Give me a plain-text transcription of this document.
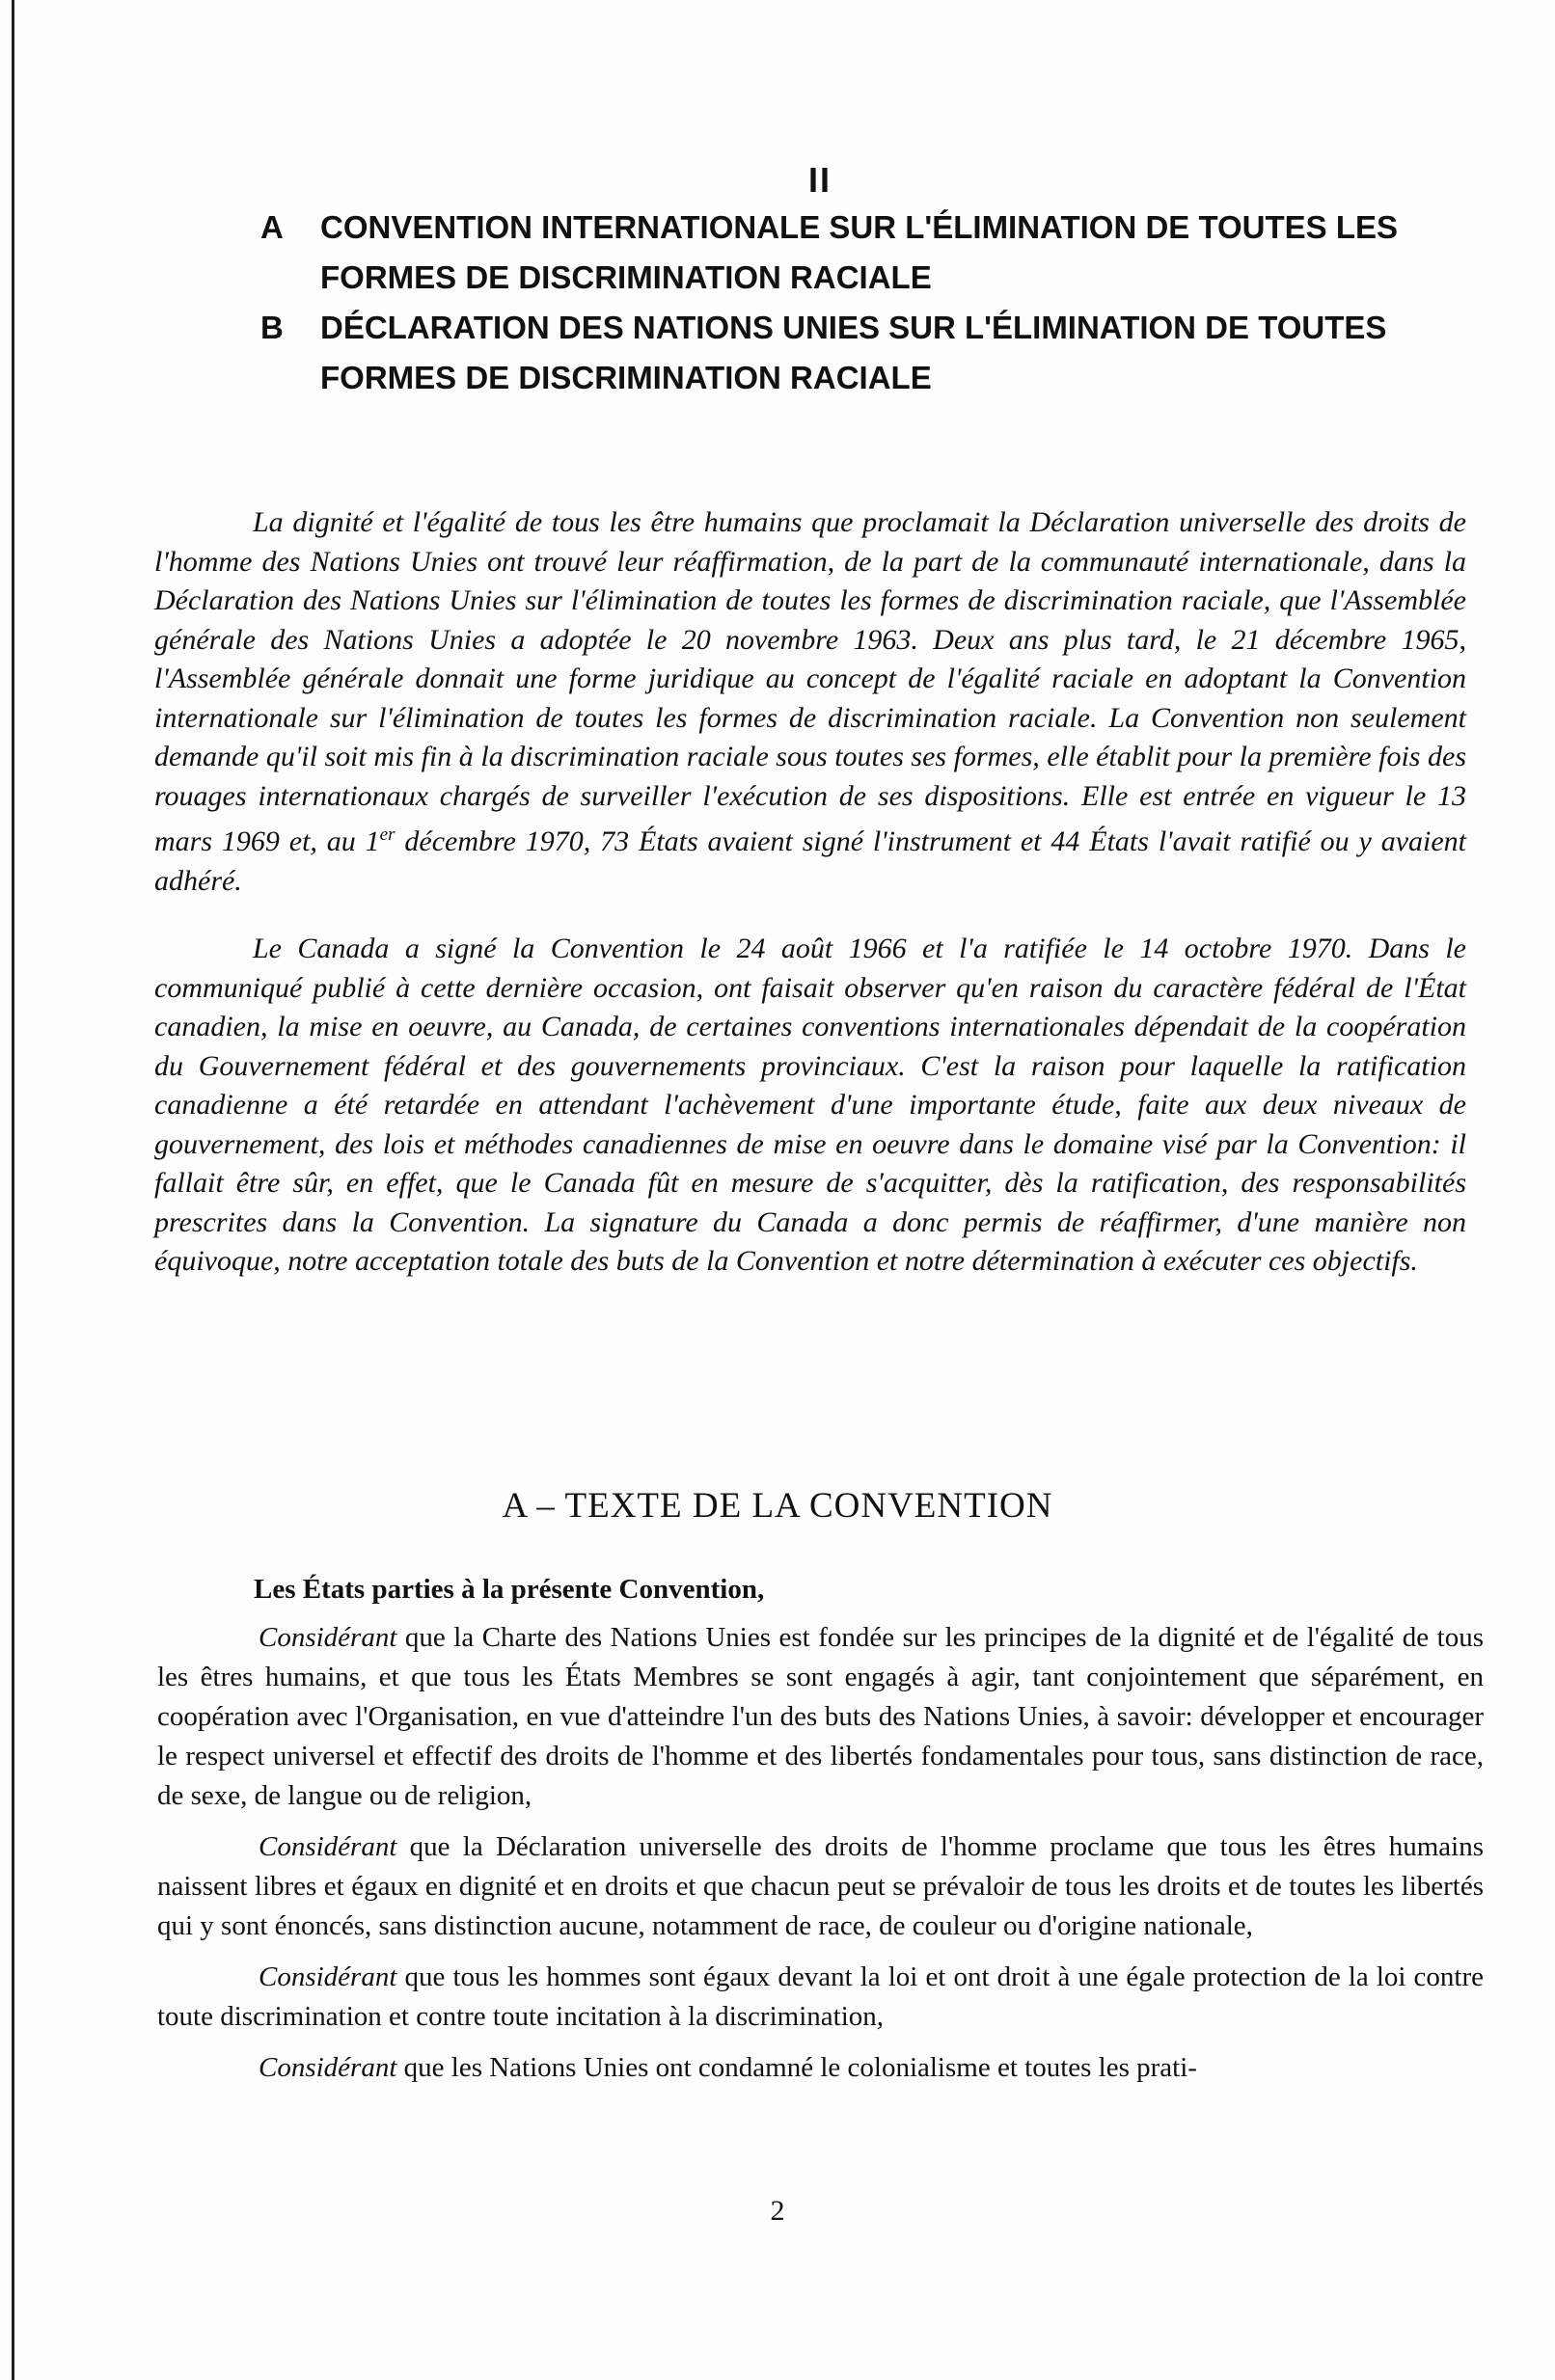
II
A CONVENTION INTERNATIONALE SUR L'ÉLIMINATION DE TOUTES LES FORMES DE DISCRIMINATION RACIALE
B DÉCLARATION DES NATIONS UNIES SUR L'ÉLIMINATION DE TOUTES FORMES DE DISCRIMINATION RACIALE

La dignité et l'égalité de tous les être humains que proclamait la Déclaration universelle des droits de l'homme des Nations Unies ont trouvé leur réaffirmation, de la part de la communauté internationale, dans la Déclaration des Nations Unies sur l'élimination de toutes les formes de discrimination raciale, que l'Assemblée générale des Nations Unies a adoptée le 20 novembre 1963. Deux ans plus tard, le 21 décembre 1965, l'Assemblée générale donnait une forme juridique au concept de l'égalité raciale en adoptant la Convention internationale sur l'élimination de toutes les formes de discrimination raciale. La Convention non seulement demande qu'il soit mis fin à la discrimination raciale sous toutes ses formes, elle établit pour la première fois des rouages internationaux chargés de surveiller l'exécution de ses dispositions. Elle est entrée en vigueur le 13 mars 1969 et, au 1er décembre 1970, 73 États avaient signé l'instrument et 44 États l'avait ratifié ou y avaient adhéré.

Le Canada a signé la Convention le 24 août 1966 et l'a ratifiée le 14 octobre 1970. Dans le communiqué publié à cette dernière occasion, ont faisait observer qu'en raison du caractère fédéral de l'État canadien, la mise en oeuvre, au Canada, de certaines conventions internationales dépendait de la coopération du Gouvernement fédéral et des gouvernements provinciaux. C'est la raison pour laquelle la ratification canadienne a été retardée en attendant l'achèvement d'une importante étude, faite aux deux niveaux de gouvernement, des lois et méthodes canadiennes de mise en oeuvre dans le domaine visé par la Convention: il fallait être sûr, en effet, que le Canada fût en mesure de s'acquitter, dès la ratification, des responsabilités prescrites dans la Convention. La signature du Canada a donc permis de réaffirmer, d'une manière non équivoque, notre acceptation totale des buts de la Convention et notre détermination à exécuter ces objectifs.

A – TEXTE DE LA CONVENTION
Les États parties à la présente Convention,

Considérant que la Charte des Nations Unies est fondée sur les principes de la dignité et de l'égalité de tous les êtres humains, et que tous les États Membres se sont engagés à agir, tant conjointement que séparément, en coopération avec l'Organisation, en vue d'atteindre l'un des buts des Nations Unies, à savoir: développer et encourager le respect universel et effectif des droits de l'homme et des libertés fondamentales pour tous, sans distinction de race, de sexe, de langue ou de religion,

Considérant que la Déclaration universelle des droits de l'homme proclame que tous les êtres humains naissent libres et égaux en dignité et en droits et que chacun peut se prévaloir de tous les droits et de toutes les libertés qui y sont énoncés, sans distinction aucune, notamment de race, de couleur ou d'origine nationale,

Considérant que tous les hommes sont égaux devant la loi et ont droit à une égale protection de la loi contre toute discrimination et contre toute incitation à la discrimination,

Considérant que les Nations Unies ont condamné le colonialisme et toutes les prati-

2
